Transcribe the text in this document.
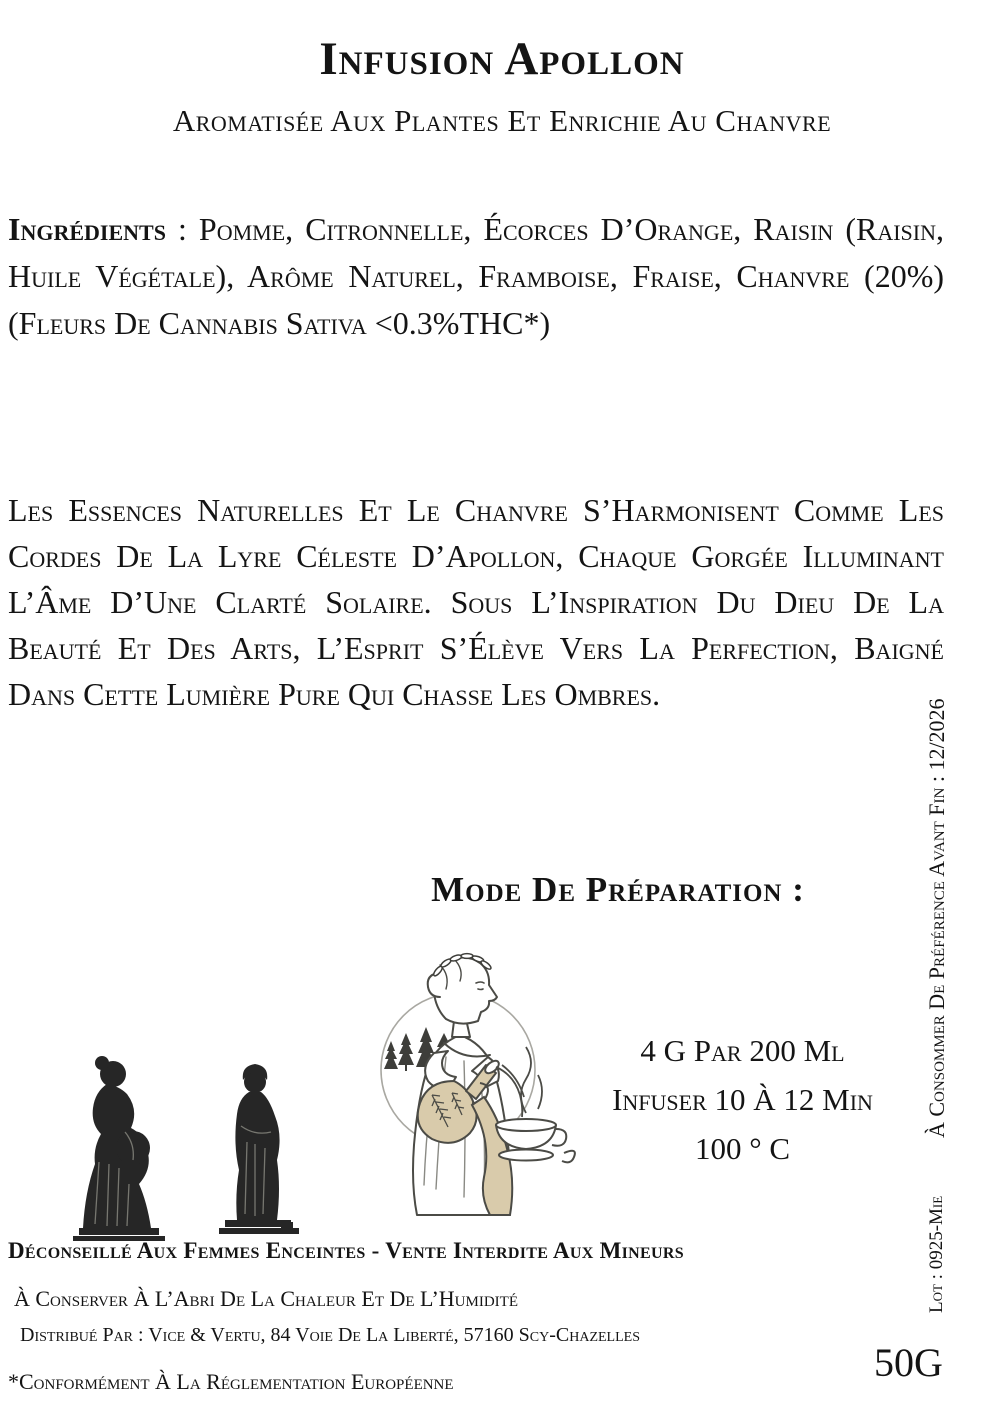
Infusion Apollon
Aromatisée Aux Plantes Et Enrichie Au Chanvre

Ingrédients : Pomme, Citronnelle, Écorces D’Orange, Raisin (Raisin, Huile Végétale), Arôme Naturel, Framboise, Fraise, Chanvre (20%)(Fleurs De Cannabis Sativa <0.3%THC*)

Les Essences Naturelles Et Le Chanvre S’Harmonisent Comme Les Cordes De La Lyre Céleste D’Apollon, Chaque Gorgée Illuminant L’Âme D’Une Clarté Solaire. Sous L’Inspiration Du Dieu De La Beauté Et Des Arts, L’Esprit S’Élève Vers La Perfection, Baigné Dans Cette Lumière Pure Qui Chasse Les Ombres.

Mode De Préparation :
4 G Par 200 Ml
Infuser 10 À 12 Min
100 ° C
Déconseillé Aux Femmes Enceintes - Vente Interdite Aux Mineurs
À Conserver À L’Abri De La Chaleur Et De L’Humidité
Distribué Par : Vice & Vertu, 84 Voie De La Liberté, 57160 Scy-Chazelles
*Conformément À La Réglementation Européenne	50G
À Consommer De Préférence Avant Fin : 12/2026
Lot : 0925-Mie
